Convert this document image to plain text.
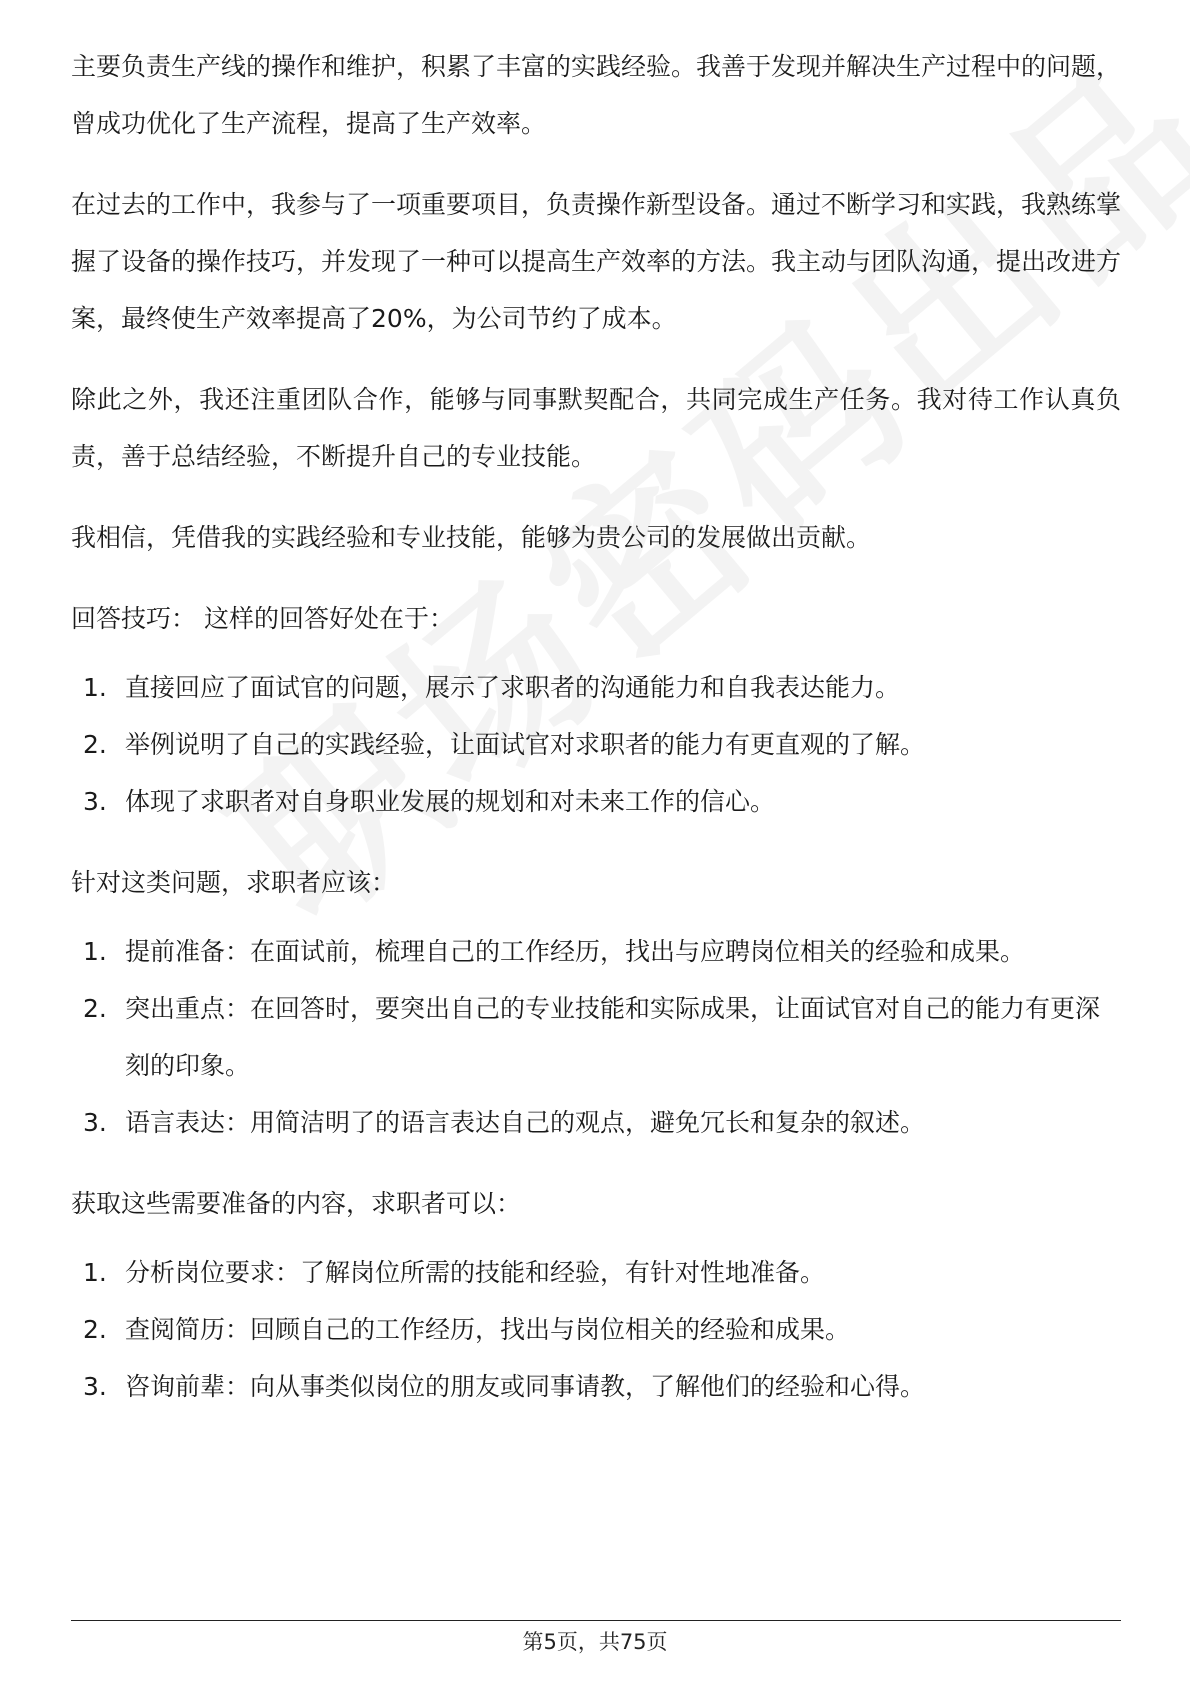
主要负责生产线的操作和维护，积累了丰富的实践经验。我善于发现并解决生产过程中的问题，曾成功优化了生产流程，提高了生产效率。

在过去的工作中，我参与了一项重要项目，负责操作新型设备。通过不断学习和实践，我熟练掌握了设备的操作技巧，并发现了一种可以提高生产效率的方法。我主动与团队沟通，提出改进方案，最终使生产效率提高了20%，为公司节约了成本。

除此之外，我还注重团队合作，能够与同事默契配合，共同完成生产任务。我对待工作认真负责，善于总结经验，不断提升自己的专业技能。

我相信，凭借我的实践经验和专业技能，能够为贵公司的发展做出贡献。

回答技巧： 这样的回答好处在于：

1. 直接回应了面试官的问题，展示了求职者的沟通能力和自我表达能力。
2. 举例说明了自己的实践经验，让面试官对求职者的能力有更直观的了解。
3. 体现了求职者对自身职业发展的规划和对未来工作的信心。

针对这类问题，求职者应该：

1. 提前准备：在面试前，梳理自己的工作经历，找出与应聘岗位相关的经验和成果。
2. 突出重点：在回答时，要突出自己的专业技能和实际成果，让面试官对自己的能力有更深刻的印象。
3. 语言表达：用简洁明了的语言表达自己的观点，避免冗长和复杂的叙述。

获取这些需要准备的内容，求职者可以：

1. 分析岗位要求：了解岗位所需的技能和经验，有针对性地准备。
2. 查阅简历：回顾自己的工作经历，找出与岗位相关的经验和成果。
3. 咨询前辈：向从事类似岗位的朋友或同事请教，了解他们的经验和心得。
第5页，共75页
